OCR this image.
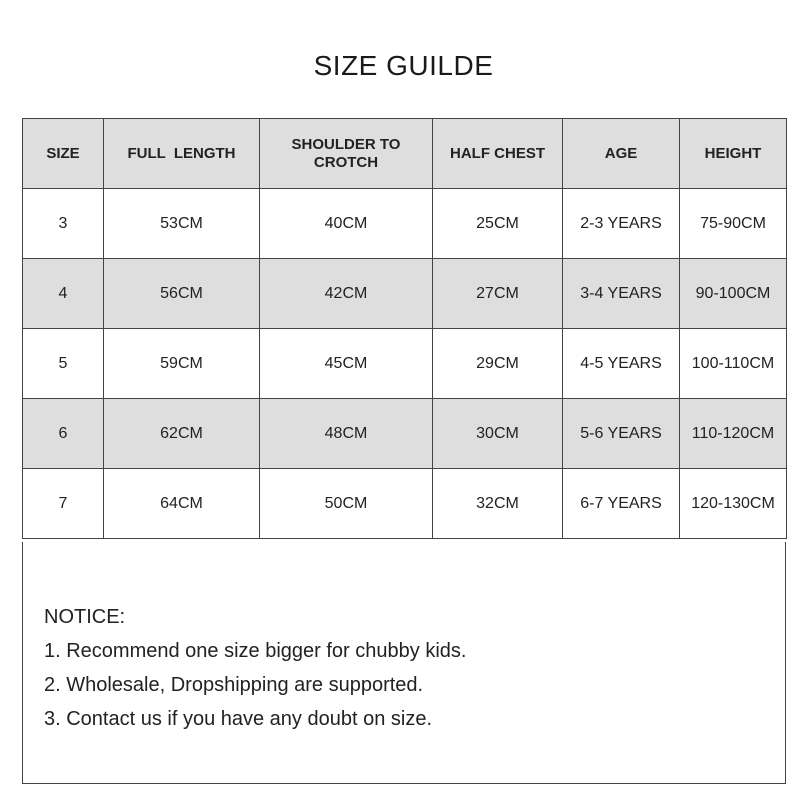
SIZE GUILDE
SIZE	FULL  LENGTH	SHOULDER TO CROTCH	HALF CHEST	AGE	HEIGHT
3	53CM	40CM	25CM	2-3 YEARS	75-90CM
4	56CM	42CM	27CM	3-4 YEARS	90-100CM
5	59CM	45CM	29CM	4-5 YEARS	100-110CM
6	62CM	48CM	30CM	5-6 YEARS	110-120CM
7	64CM	50CM	32CM	6-7 YEARS	120-130CM
NOTICE:
1. Recommend one size bigger for chubby kids.
2. Wholesale, Dropshipping are supported.
3. Contact us if you have any doubt on size.
